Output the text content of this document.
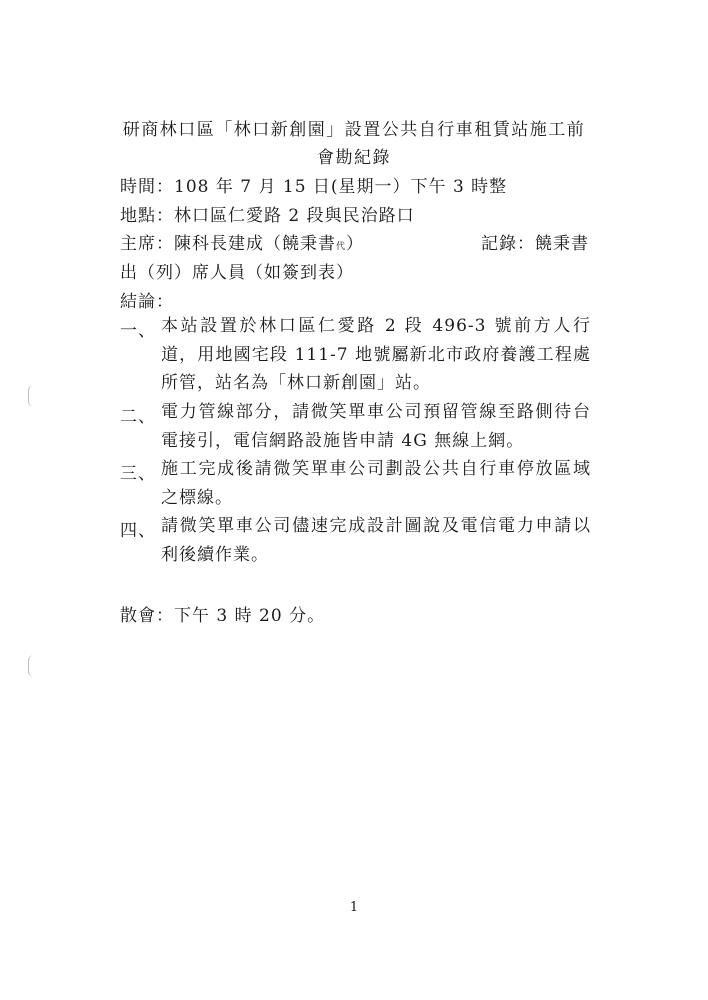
研商林口區「林口新創園」設置公共自行車租賃站施工前
會勘紀錄
時間：108 年 7 月 15 日(星期一）下午 3 時整
地點：林口區仁愛路 2 段與民治路口
主席：陳科長建成（饒秉書代）	記錄：饒秉書
出（列）席人員（如簽到表）
結論：
一、 本站設置於林口區仁愛路 2 段 496-3 號前方人行道，用地國宅段 111-7 地號屬新北市政府養護工程處所管，站名為「林口新創園」站。
二、 電力管線部分，請微笑單車公司預留管線至路側待台電接引，電信網路設施皆申請 4G 無線上網。
三、 施工完成後請微笑單車公司劃設公共自行車停放區域之標線。
四、 請微笑單車公司儘速完成設計圖說及電信電力申請以利後續作業。
散會：下午 3 時 20 分。
1
